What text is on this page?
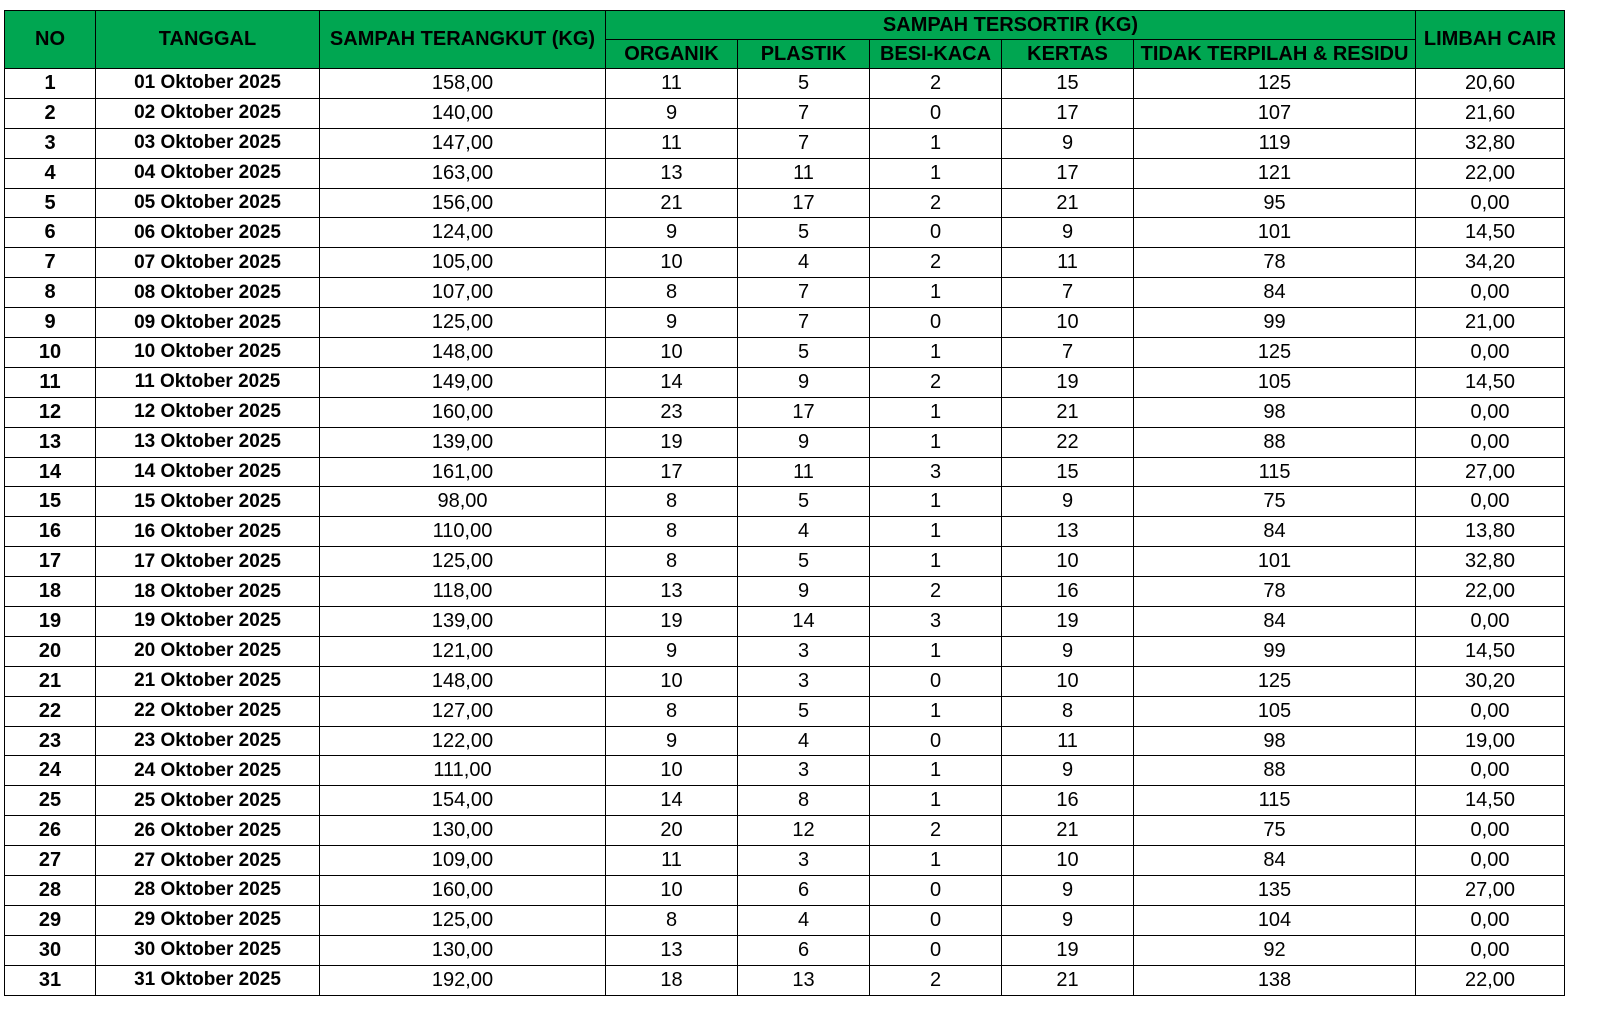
NO	TANGGAL	SAMPAH TERANGKUT (KG)	SAMPAH TERSORTIR (KG)					LIMBAH CAIR
			ORGANIK	PLASTIK	BESI-KACA	KERTAS	TIDAK TERPILAH & RESIDU	
1	01 Oktober 2025	158,00	11	5	2	15	125	20,60
2	02 Oktober 2025	140,00	9	7	0	17	107	21,60
3	03 Oktober 2025	147,00	11	7	1	9	119	32,80
4	04 Oktober 2025	163,00	13	11	1	17	121	22,00
5	05 Oktober 2025	156,00	21	17	2	21	95	0,00
6	06 Oktober 2025	124,00	9	5	0	9	101	14,50
7	07 Oktober 2025	105,00	10	4	2	11	78	34,20
8	08 Oktober 2025	107,00	8	7	1	7	84	0,00
9	09 Oktober 2025	125,00	9	7	0	10	99	21,00
10	10 Oktober 2025	148,00	10	5	1	7	125	0,00
11	11 Oktober 2025	149,00	14	9	2	19	105	14,50
12	12 Oktober 2025	160,00	23	17	1	21	98	0,00
13	13 Oktober 2025	139,00	19	9	1	22	88	0,00
14	14 Oktober 2025	161,00	17	11	3	15	115	27,00
15	15 Oktober 2025	98,00	8	5	1	9	75	0,00
16	16 Oktober 2025	110,00	8	4	1	13	84	13,80
17	17 Oktober 2025	125,00	8	5	1	10	101	32,80
18	18 Oktober 2025	118,00	13	9	2	16	78	22,00
19	19 Oktober 2025	139,00	19	14	3	19	84	0,00
20	20 Oktober 2025	121,00	9	3	1	9	99	14,50
21	21 Oktober 2025	148,00	10	3	0	10	125	30,20
22	22 Oktober 2025	127,00	8	5	1	8	105	0,00
23	23 Oktober 2025	122,00	9	4	0	11	98	19,00
24	24 Oktober 2025	111,00	10	3	1	9	88	0,00
25	25 Oktober 2025	154,00	14	8	1	16	115	14,50
26	26 Oktober 2025	130,00	20	12	2	21	75	0,00
27	27 Oktober 2025	109,00	11	3	1	10	84	0,00
28	28 Oktober 2025	160,00	10	6	0	9	135	27,00
29	29 Oktober 2025	125,00	8	4	0	9	104	0,00
30	30 Oktober 2025	130,00	13	6	0	19	92	0,00
31	31 Oktober 2025	192,00	18	13	2	21	138	22,00
